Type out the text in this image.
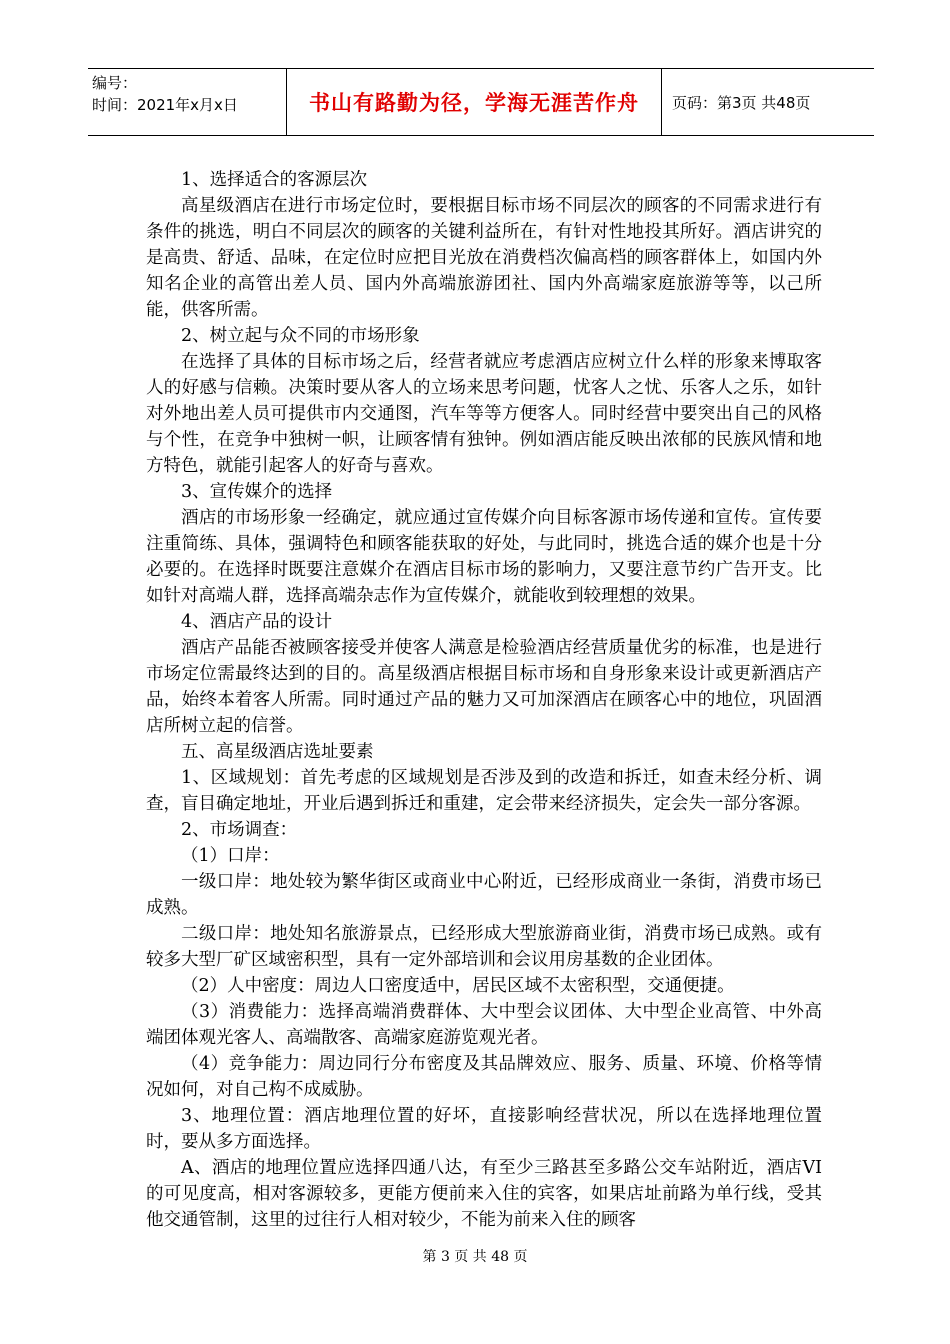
编号：
时间：2021年x月x日	书山有路勤为径，学海无涯苦作舟	页码：第3页 共48页

1、选择适合的客源层次

高星级酒店在进行市场定位时，要根据目标市场不同层次的顾客的不同需求进行有条件的挑选，明白不同层次的顾客的关键利益所在，有针对性地投其所好。酒店讲究的是高贵、舒适、品味，在定位时应把目光放在消费档次偏高档的顾客群体上，如国内外知名企业的高管出差人员、国内外高端旅游团社、国内外高端家庭旅游等等，以己所能，供客所需。

2、树立起与众不同的市场形象

在选择了具体的目标市场之后，经营者就应考虑酒店应树立什么样的形象来博取客人的好感与信赖。决策时要从客人的立场来思考问题，忧客人之忧、乐客人之乐，如针对外地出差人员可提供市内交通图，汽车等等方便客人。同时经营中要突出自己的风格与个性，在竞争中独树一帜，让顾客情有独钟。例如酒店能反映出浓郁的民族风情和地方特色，就能引起客人的好奇与喜欢。

3、宣传媒介的选择

酒店的市场形象一经确定，就应通过宣传媒介向目标客源市场传递和宣传。宣传要注重简练、具体，强调特色和顾客能获取的好处，与此同时，挑选合适的媒介也是十分必要的。在选择时既要注意媒介在酒店目标市场的影响力，又要注意节约广告开支。比如针对高端人群，选择高端杂志作为宣传媒介，就能收到较理想的效果。

4、酒店产品的设计

酒店产品能否被顾客接受并使客人满意是检验酒店经营质量优劣的标准，也是进行市场定位需最终达到的目的。高星级酒店根据目标市场和自身形象来设计或更新酒店产品，始终本着客人所需。同时通过产品的魅力又可加深酒店在顾客心中的地位，巩固酒店所树立起的信誉。

五、高星级酒店选址要素

1、区域规划：首先考虑的区域规划是否涉及到的改造和拆迁，如查未经分析、调查，盲目确定地址，开业后遇到拆迁和重建，定会带来经济损失，定会失一部分客源。

2、市场调查：

（1）口岸：

一级口岸：地处较为繁华街区或商业中心附近，已经形成商业一条街，消费市场已成熟。

二级口岸：地处知名旅游景点，已经形成大型旅游商业街，消费市场已成熟。或有较多大型厂矿区域密积型，具有一定外部培训和会议用房基数的企业团体。

（2）人中密度：周边人口密度适中，居民区域不太密积型，交通便捷。

（3）消费能力：选择高端消费群体、大中型会议团体、大中型企业高管、中外高端团体观光客人、高端散客、高端家庭游览观光者。

（4）竞争能力：周边同行分布密度及其品牌效应、服务、质量、环境、价格等情况如何，对自己构不成威胁。

3、地理位置：酒店地理位置的好坏，直接影响经营状况，所以在选择地理位置时，要从多方面选择。

A、酒店的地理位置应选择四通八达，有至少三路甚至多路公交车站附近，酒店VI的可见度高，相对客源较多，更能方便前来入住的宾客，如果店址前路为单行线，受其他交通管制，这里的过往行人相对较少，不能为前来入住的顾客

第 3 页 共 48 页
